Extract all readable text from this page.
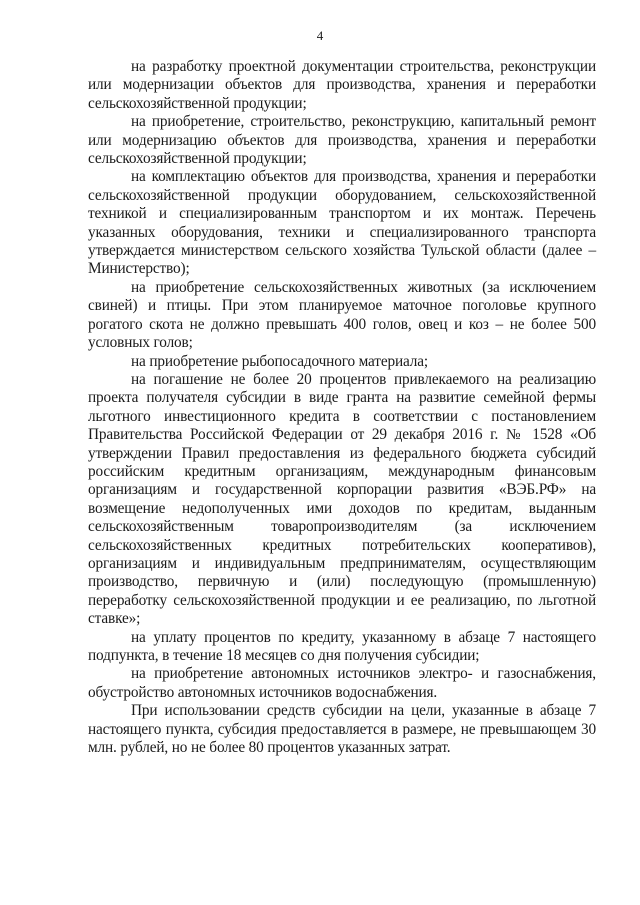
4

на разработку проектной документации строительства, реконструкции или модернизации объектов для производства, хранения и переработки сельскохозяйственной продукции;

на приобретение, строительство, реконструкцию, капитальный ремонт или модернизацию объектов для производства, хранения и переработки сельскохозяйственной продукции;

на комплектацию объектов для производства, хранения и переработки сельскохозяйственной продукции оборудованием, сельскохозяйственной техникой и специализированным транспортом и их монтаж. Перечень указанных оборудования, техники и специализированного транспорта утверждается министерством сельского хозяйства Тульской области (далее – Министерство);

на приобретение сельскохозяйственных животных (за исключением свиней) и птицы. При этом планируемое маточное поголовье крупного рогатого скота не должно превышать 400 голов, овец и коз – не более 500 условных голов;

на приобретение рыбопосадочного материала;

на погашение не более 20 процентов привлекаемого на реализацию проекта получателя субсидии в виде гранта на развитие семейной фермы льготного инвестиционного кредита в соответствии с постановлением Правительства Российской Федерации от 29 декабря 2016 г. № 1528 «Об утверждении Правил предоставления из федерального бюджета субсидий российским кредитным организациям, международным финансовым организациям и государственной корпорации развития «ВЭБ.РФ» на возмещение недополученных ими доходов по кредитам, выданным сельскохозяйственным товаропроизводителям (за исключением сельскохозяйственных кредитных потребительских кооперативов), организациям и индивидуальным предпринимателям, осуществляющим производство, первичную и (или) последующую (промышленную) переработку сельскохозяйственной продукции и ее реализацию, по льготной ставке»;

на уплату процентов по кредиту, указанному в абзаце 7 настоящего подпункта, в течение 18 месяцев со дня получения субсидии;

на приобретение автономных источников электро- и газоснабжения, обустройство автономных источников водоснабжения.

При использовании средств субсидии на цели, указанные в абзаце 7 настоящего пункта, субсидия предоставляется в размере, не превышающем 30 млн. рублей, но не более 80 процентов указанных затрат.
